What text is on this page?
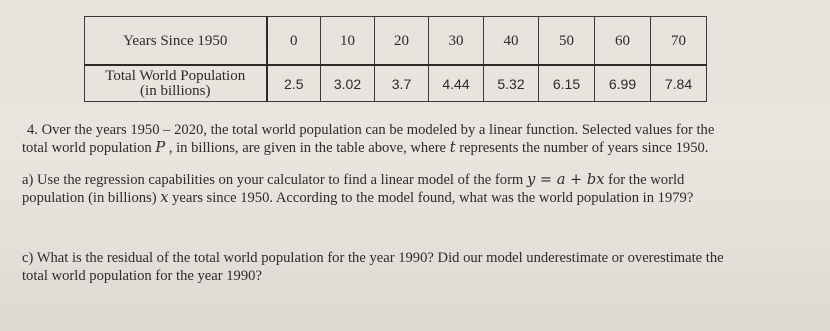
Years Since 1950	0	10	20	30	40	50	60	70

Total World Population
(in billions)	2.5	3.02	3.7	4.44	5.32	6.15	6.99	7.84

4. Over the years 1950 – 2020, the total world population can be modeled by a linear function. Selected values for the

total world population P , in billions, are given in the table above, where t represents the number of years since 1950.

a) Use the regression capabilities on your calculator to find a linear model of the form y = a + bx for the world

population (in billions) x years since 1950. According to the model found, what was the world population in 1979?

c) What is the residual of the total world population for the year 1990? Did our model underestimate or overestimate the

total world population for the year 1990?
